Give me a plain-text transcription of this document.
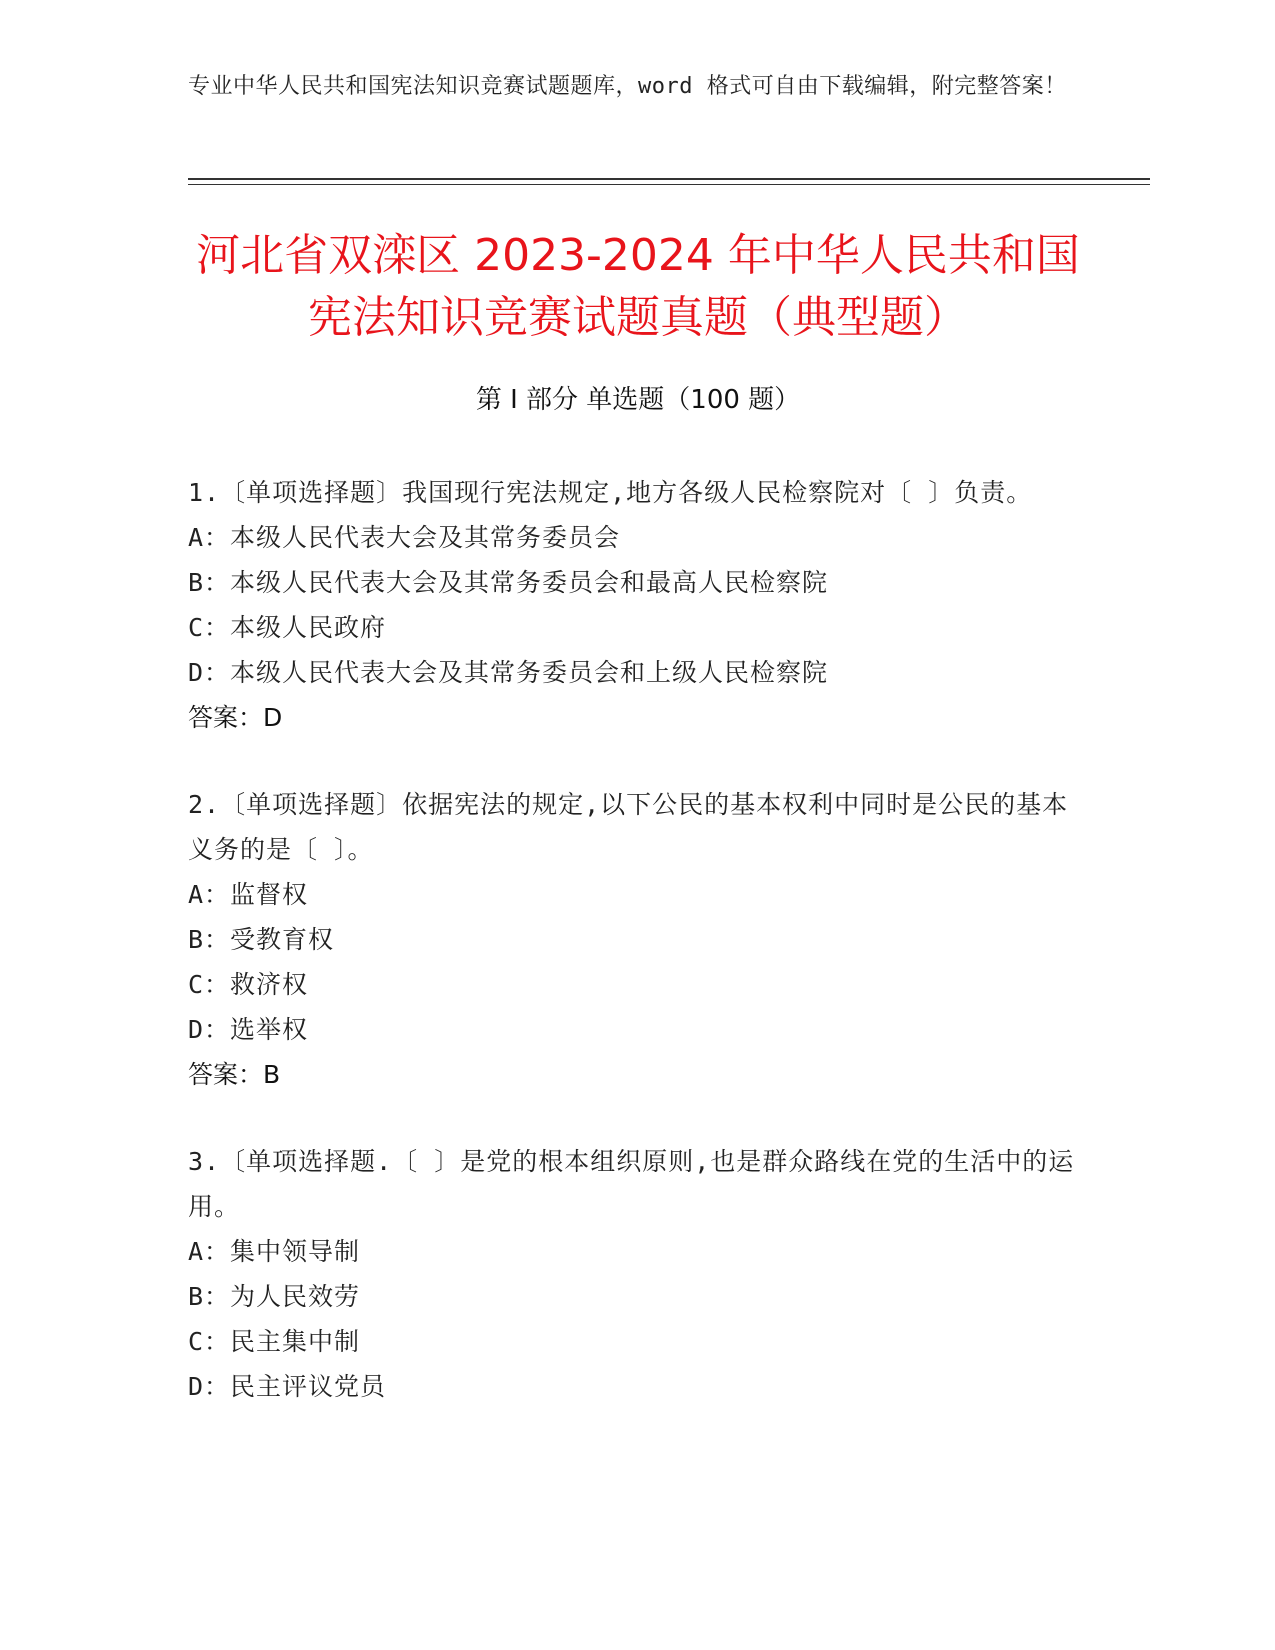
专业中华人民共和国宪法知识竞赛试题题库，word 格式可自由下载编辑，附完整答案！
河北省双滦区 2023-2024 年中华人民共和国
宪法知识竞赛试题真题（典型题）
第 I 部分 单选题（100 题）
1.〔单项选择题〕我国现行宪法规定,地方各级人民检察院对〔 〕负责。
A：本级人民代表大会及其常务委员会
B：本级人民代表大会及其常务委员会和最高人民检察院
C：本级人民政府
D：本级人民代表大会及其常务委员会和上级人民检察院
答案：D
2.〔单项选择题〕依据宪法的规定,以下公民的基本权利中同时是公民的基本义务的是〔 〕。
A：监督权
B：受教育权
C：救济权
D：选举权
答案：B
3.〔单项选择题.〔 〕是党的根本组织原则,也是群众路线在党的生活中的运用。
A：集中领导制
B：为人民效劳
C：民主集中制
D：民主评议党员
